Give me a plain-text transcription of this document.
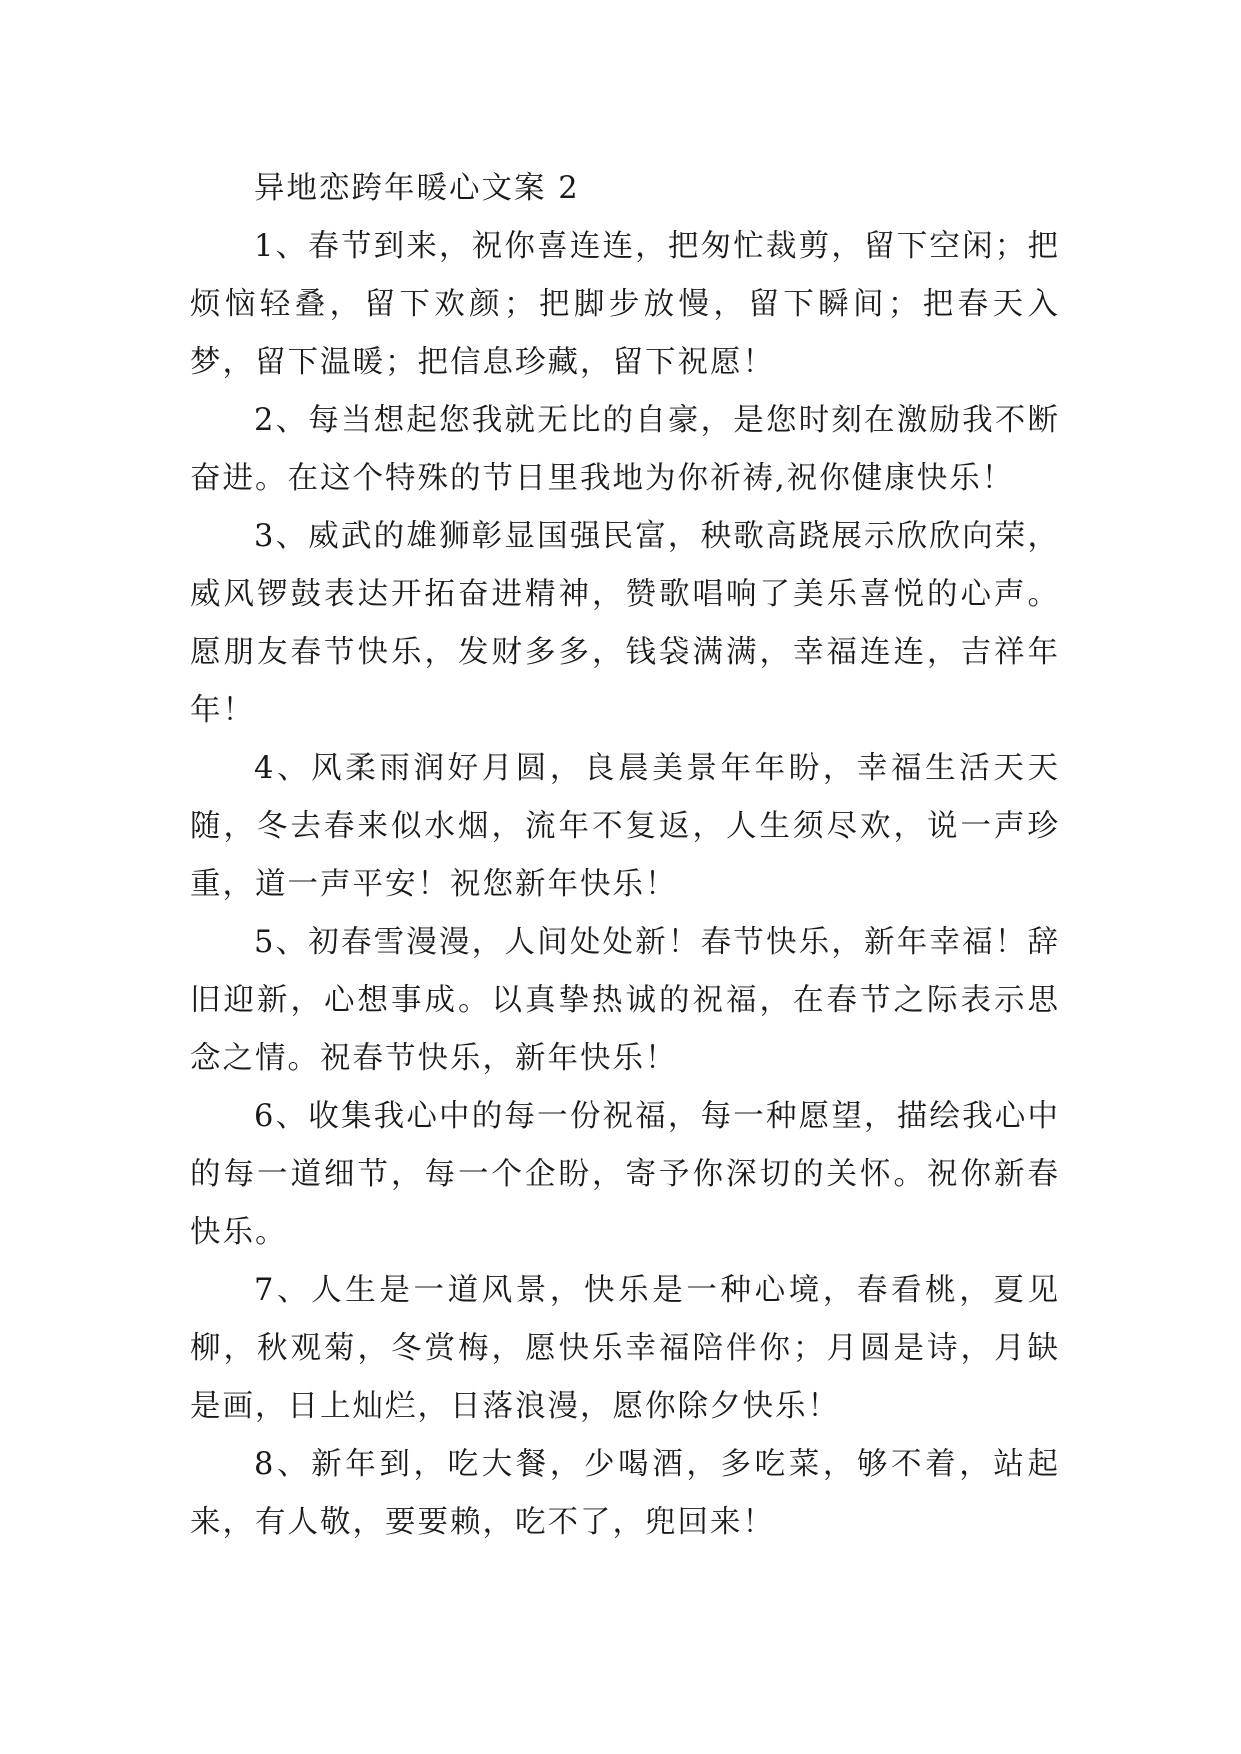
异地恋跨年暖心文案 2

1、春节到来，祝你喜连连，把匆忙裁剪，留下空闲；把烦恼轻叠，留下欢颜；把脚步放慢，留下瞬间；把春天入梦，留下温暖；把信息珍藏，留下祝愿！

2、每当想起您我就无比的自豪，是您时刻在激励我不断奋进。在这个特殊的节日里我地为你祈祷,祝你健康快乐！

3、威武的雄狮彰显国强民富，秧歌高跷展示欣欣向荣，威风锣鼓表达开拓奋进精神，赞歌唱响了美乐喜悦的心声。愿朋友春节快乐，发财多多，钱袋满满，幸福连连，吉祥年年！

4、风柔雨润好月圆，良晨美景年年盼，幸福生活天天随，冬去春来似水烟，流年不复返，人生须尽欢，说一声珍重，道一声平安！祝您新年快乐！

5、初春雪漫漫，人间处处新！春节快乐，新年幸福！辞旧迎新，心想事成。以真挚热诚的祝福，在春节之际表示思念之情。祝春节快乐，新年快乐！

6、收集我心中的每一份祝福，每一种愿望，描绘我心中的每一道细节，每一个企盼，寄予你深切的关怀。祝你新春快乐。

7、人生是一道风景，快乐是一种心境，春看桃，夏见柳，秋观菊，冬赏梅，愿快乐幸福陪伴你；月圆是诗，月缺是画，日上灿烂，日落浪漫，愿你除夕快乐！

8、新年到，吃大餐，少喝酒，多吃菜，够不着，站起来，有人敬，要要赖，吃不了，兜回来！
